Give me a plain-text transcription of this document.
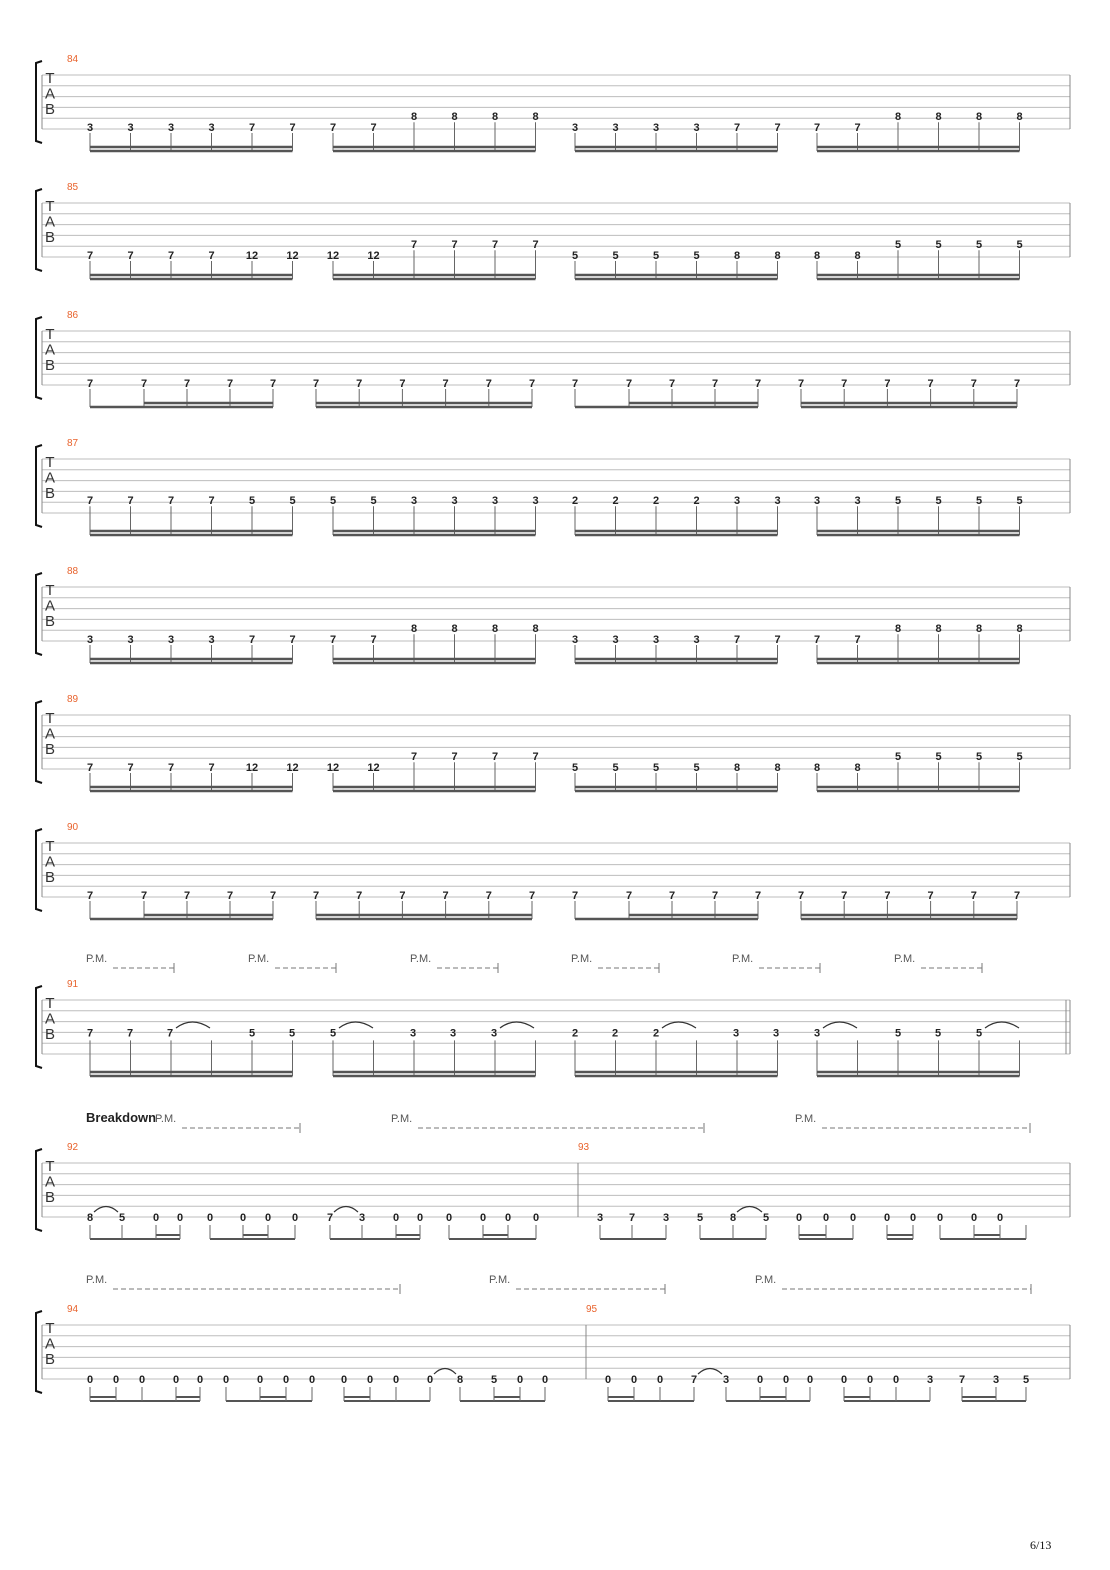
T
A
B
84
3	3	3	3	7	7	7	7
8	8	8	8
3	3	3	3	7	7	7	7
8	8	8	8
T
A
B
85
7	7	7	7	12	12	12	12
7	7	7	7
5	5	5	5	8	8	8	8
5	5	5	5
T
A
B
86
7	7	7	7	7	7	7	7	7	7	7	7	7	7	7	7	7	7	7	7	7	7
T
A
B
87
7	7	7	7	5	5	5	5	3	3	3	3	2	2	2	2	3	3	3	3	5	5	5	5
T
A
B
88
3	3	3	3	7	7	7	7
8	8	8	8
3	3	3	3	7	7	7	7
8	8	8	8
T
A
B
89
7	7	7	7	12	12	12	12
7	7	7	7
5	5	5	5	8	8	8	8
5	5	5	5
T
A
B
90
7	7	7	7	7	7	7	7	7	7	7	7	7	7	7	7	7	7	7	7	7	7
T
A
B
91
P.M.	P.M.	P.M.	P.M.	P.M.	P.M.
7	7	7	5	5	5	3	3	3	2	2	2	3	3	3	5	5	5
T
A
B
92	93
Breakdown
P.M.	P.M.	P.M.
8 5	0 0 0 0 0 0	7 3	0 0 0	0 0 0	3 7	3	5 8 5 0 0 0	0 0 0	0 0
T
A
B
94	95
P.M.	P.M.	P.M.
0 0 0	0 0 0	0 0 0 0 0 0	0 8	5 0 0	0 0 0	7 3	0 0 0	0 0 0	3 7	3 5
6/13
